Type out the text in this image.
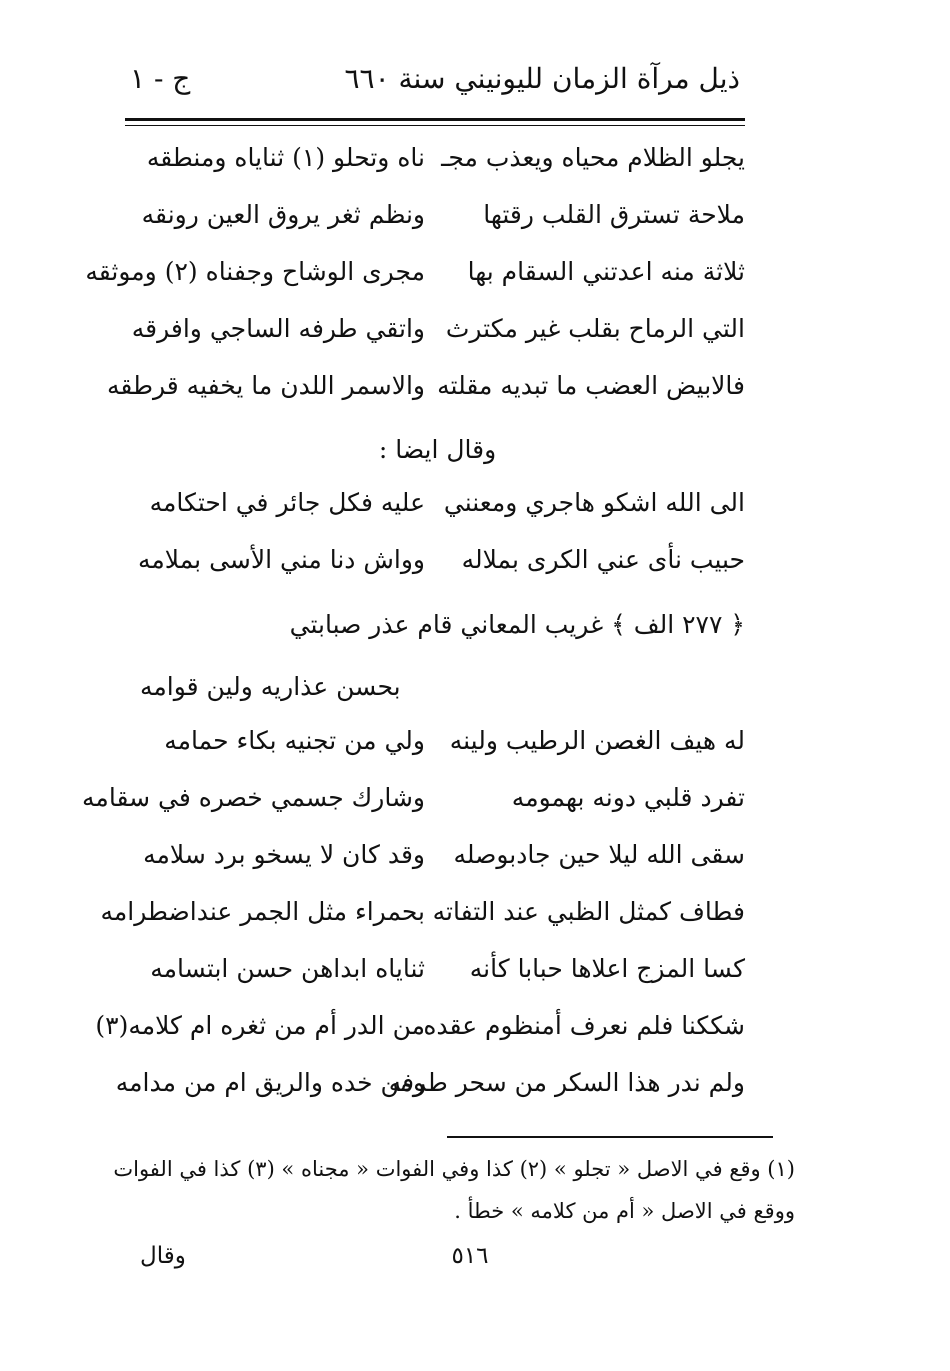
ذيل مرآة الزمان لليونيني سنة ٦٦٠
ج - ١
يجلو الظلام محياه ويعذب مجـ
ناه وتحلو (١) ثناياه ومنطقه
ملاحة تسترق القلب رقتها
ونظم ثغر يروق العين رونقه
ثلاثة منه اعدتني السقام بها
مجرى الوشاح وجفناه (٢) وموثقه
التي الرماح بقلب غير مكترث
واتقي طرفه الساجي وافرقه
فالابيض العضب ما تبديه مقلته
والاسمر اللدن ما يخفيه قرطقه
وقال ايضا :
الى الله اشكو هاجري ومعنني
عليه فكل جائر في احتكامه
حبيب نأى عني الكرى بملاله
وواش دنا مني الأسى بملامه
﴿ ٢٧٧ الف ﴾ غريب المعاني قام عذر صبابتي
بحسن عذاريه ولين قوامه
له هيف الغصن الرطيب ولينه
ولي من تجنيه بكاء حمامه
تفرد قلبي دونه بهمومه
وشارك جسمي خصره في سقامه
سقى الله ليلا حين جادبوصله
وقد كان لا يسخو برد سلامه
فطاف كمثل الظبي عند التفاته
بحمراء مثل الجمر عنداضطرامه
كسا المزج اعلاها حبابا كأنه
ثناياه ابداهن حسن ابتسامه
شككنا فلم نعرف أمنظوم عقده
من الدر أم من ثغره ام كلامه(٣)
ولم ندر هذا السكر من سحر طرفه
ومن خده والريق ام من مدامه
(١) وقع في الاصل « تجلو » (٢) كذا وفي الفوات « مجناه » (٣) كذا في الفوات
ووقع في الاصل « أم من كلامه » خطأ .
وقال	٥١٦
